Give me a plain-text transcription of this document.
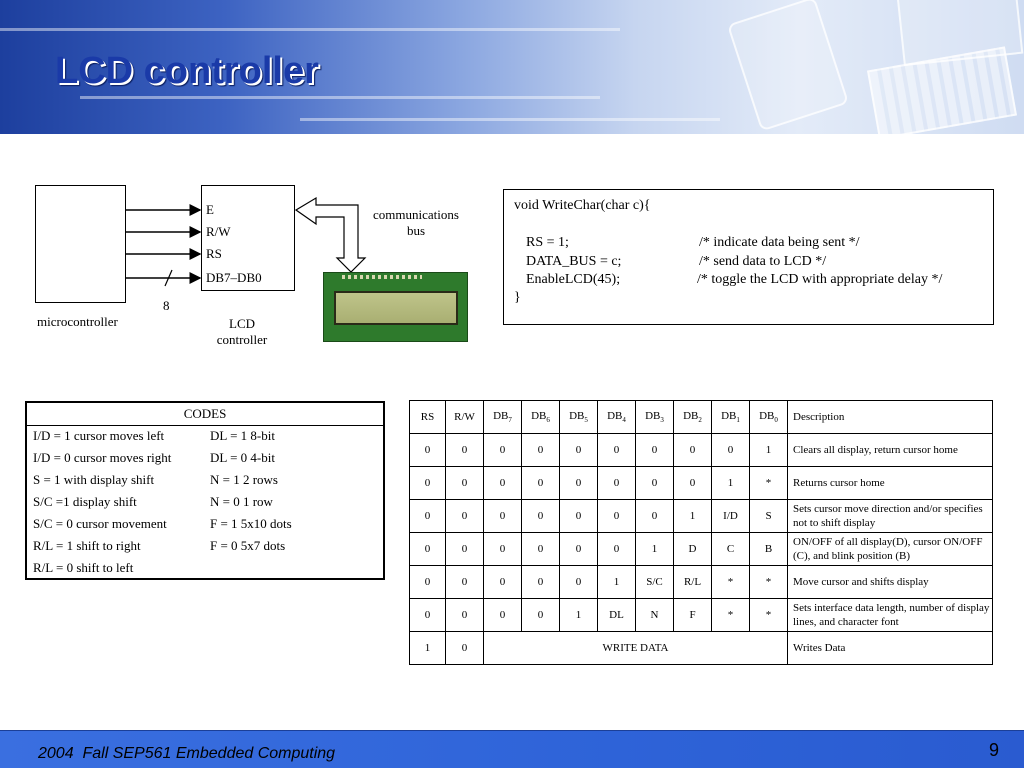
LCD controller
microcontroller
E
R/W
RS
DB7–DB0
LCD
controller
8
communications
bus
void WriteChar(char c){
RS = 1;	/* indicate data being sent */
DATA_BUS = c;	/* send data to LCD */
EnableLCD(45);	/* toggle the LCD with appropriate delay */
}
CODES	
I/D = 1 cursor moves left	DL = 1 8-bit
I/D = 0 cursor moves right	DL = 0 4-bit
S = 1 with display shift	N = 1 2 rows
S/C =1 display shift	N = 0 1 row
S/C = 0 cursor movement	F = 1 5x10 dots
R/L = 1 shift to right	F = 0 5x7 dots
R/L = 0 shift to left	
RS	R/W	$DB_7$	$DB_6$	$DB_5$	$DB_4$	$DB_3$	$DB_2$	$DB_1$	$DB_0$	Description
0	0	0	0	0	0	0	0	0	1	Clears all display, return cursor home
0	0	0	0	0	0	0	0	1	*	Returns cursor home
0	0	0	0	0	0	0	1	I/D	S	Sets cursor move direction and/or specifies not to shift display
0	0	0	0	0	0	1	D	C	B	ON/OFF of all display(D), cursor ON/OFF (C), and blink position (B)
0	0	0	0	0	1	S/C	R/L	*	*	Move cursor and shifts display
0	0	0	0	1	DL	N	F	*	*	Sets interface data length, number of display lines, and character font
1	0	WRITE DATA								Writes Data
2004  Fall SEP561 Embedded Computing	9
